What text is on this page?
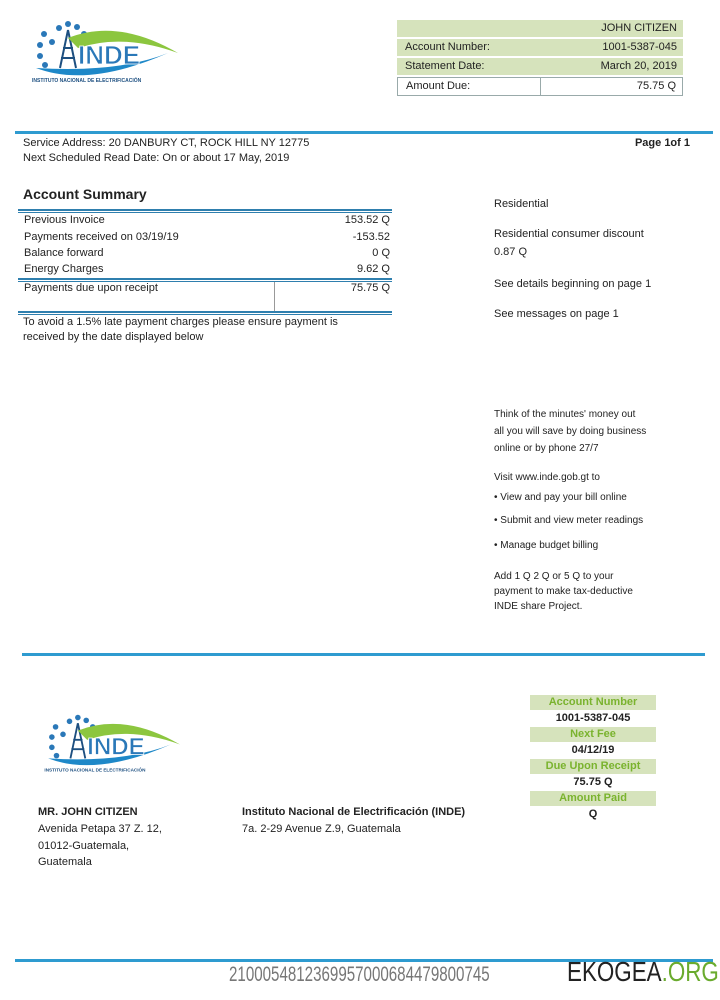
INDE
INSTITUTO NACIONAL DE ELECTRIFICACIÓN
JOHN CITIZEN
Account Number:	1001-5387-045
Statement Date:	March 20, 2019
Amount Due:	75.75 Q
Service Address: 20 DANBURY CT, ROCK HILL NY 12775
Next Scheduled Read Date: On or about 17 May, 2019
Page 1of 1
Account Summary
Previous Invoice	153.52 Q
Payments received on 03/19/19	-153.52
Balance forward	0 Q
Energy Charges	9.62 Q
Payments due upon receipt	75.75 Q
To avoid a 1.5% late payment charges please ensure payment is
received by the date displayed below
Residential
Residential consumer discount
0.87 Q
See details beginning on page 1
See messages on page 1
Think of the minutes' money out
all you will save by doing business
online or by phone 27/7
Visit www.inde.gob.gt to
• View and pay your bill online
• Submit and view meter readings
• Manage budget billing
Add 1 Q 2 Q or 5 Q to your
payment to make tax-deductive
INDE share Project.
INDE
INSTITUTO NACIONAL DE ELECTRIFICACIÓN
Account Number
1001-5387-045
Next Fee
04/12/19
Due Upon Receipt
75.75 Q
Amount Paid
Q
MR. JOHN CITIZEN
Avenida Petapa 37 Z. 12,
01012-Guatemala,
Guatemala
Instituto Nacional de Electrificación (INDE)
7a. 2-29 Avenue Z.9, Guatemala
210005481236995700068447980074​5	EKOGEA.ORG
